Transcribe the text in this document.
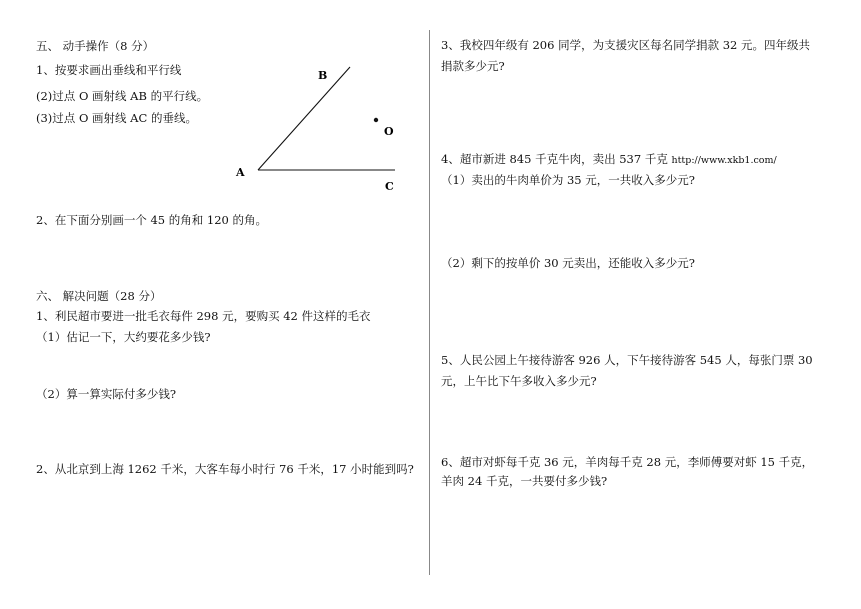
五、 动手操作（8 分）
1、按要求画出垂线和平行线
(2)过点 O 画射线 AB 的平行线。
(3)过点 O 画射线 AC 的垂线。
B
O
A
C
2、在下面分别画一个 45 的角和 120 的角。
六、 解决问题（28 分）
1、利民超市要进一批毛衣每件 298 元，要购买 42 件这样的毛衣
（1）估记一下，大约要花多少钱?
（2）算一算实际付多少钱?
2、从北京到上海 1262 千米，大客车每小时行 76 千米，17 小时能到吗?
3、我校四年级有 206 同学，为支援灾区每名同学捐款 32 元。四年级共
捐款多少元?
4、超市新进 845 千克牛肉，卖出 537 千克 http://www.xkb1.com/
（1）卖出的牛肉单价为 35 元，一共收入多少元?
（2）剩下的按单价 30 元卖出，还能收入多少元?
5、人民公园上午接待游客 926 人，下午接待游客 545 人，每张门票 30
元，上午比下午多收入多少元?
6、超市对虾每千克 36 元，羊肉每千克 28 元，李师傅要对虾 15 千克，
羊肉 24 千克，一共要付多少钱?
